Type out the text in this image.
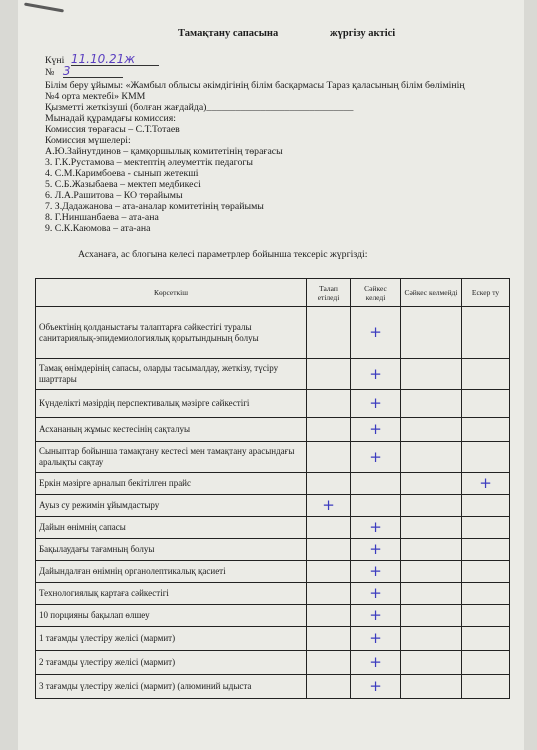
Тамақтану сапасына	жүргізу актісі
Күні 11.10.21ж
№ 3
Білім беру ұйымы: «Жамбыл облысы әкімдігінің білім басқармасы Тараз қаласының білім бөлімінің
№4 орта мектебі» КММ
Қызметті жеткізуші (болған жағдайда)______________________________
Мынадай құрамдағы комиссия:
Комиссия төрағасы – С.Т.Тотаев
Комиссия мүшелері:
А.Ю.Зайнутдинов – қамқоршылық комитетінің төрағасы
3. Г.К.Рустамова – мектептің әлеуметтік педагогы
4. С.М.Каримбоева - сынып жетекші
5. С.Б.Жазыбаева – мектеп медбикесі
6. Л.А.Рашитова – КО төрайымы
7. З.Дадажанова – ата-аналар комитетінің төрайымы
8. Г.Ниншанбаева – ата-ана
9. С.К.Каюмова – ата-ана
Асханаға, ас блогына келесі параметрлер бойынша тексеріс жүргізді:
Көрсеткіш	Талап етіледі	Сәйкес келеді	Сәйкес келмейді	Ескер ту
Объектінің қолданыстағы талаптарға сәйкестігі туралы санитариялық-эпидемиологиялық қорытындының болуы		+		
Тамақ өнімдерінің сапасы, оларды тасымалдау, жеткізу, түсіру шарттары		+		
Күнделікті мәзірдің перспективалық мәзірге сәйкестігі		+		
Асхананың жұмыс кестесінің сақталуы		+		
Сыныптар бойынша тамақтану кестесі мен тамақтану арасындағы аралықты сақтау		+		
Еркін мәзірге арналып бекітілген прайс				+
Ауыз су режимін ұйымдастыру	+			
Дайын өнімнің сапасы		+		
Бақылаудағы тағамның болуы		+		
Дайындалған өнімнің органолептикалық қасиеті		+		
Технологиялық картаға сәйкестігі		+		
10 порцияны бақылап өлшеу		+		
1 тағамды үлестіру желісі (мармит)		+		
2 тағамды үлестіру желісі (мармит)		+		
3 тағамды үлестіру желісі (мармит) (алюминий ыдыста		+		
